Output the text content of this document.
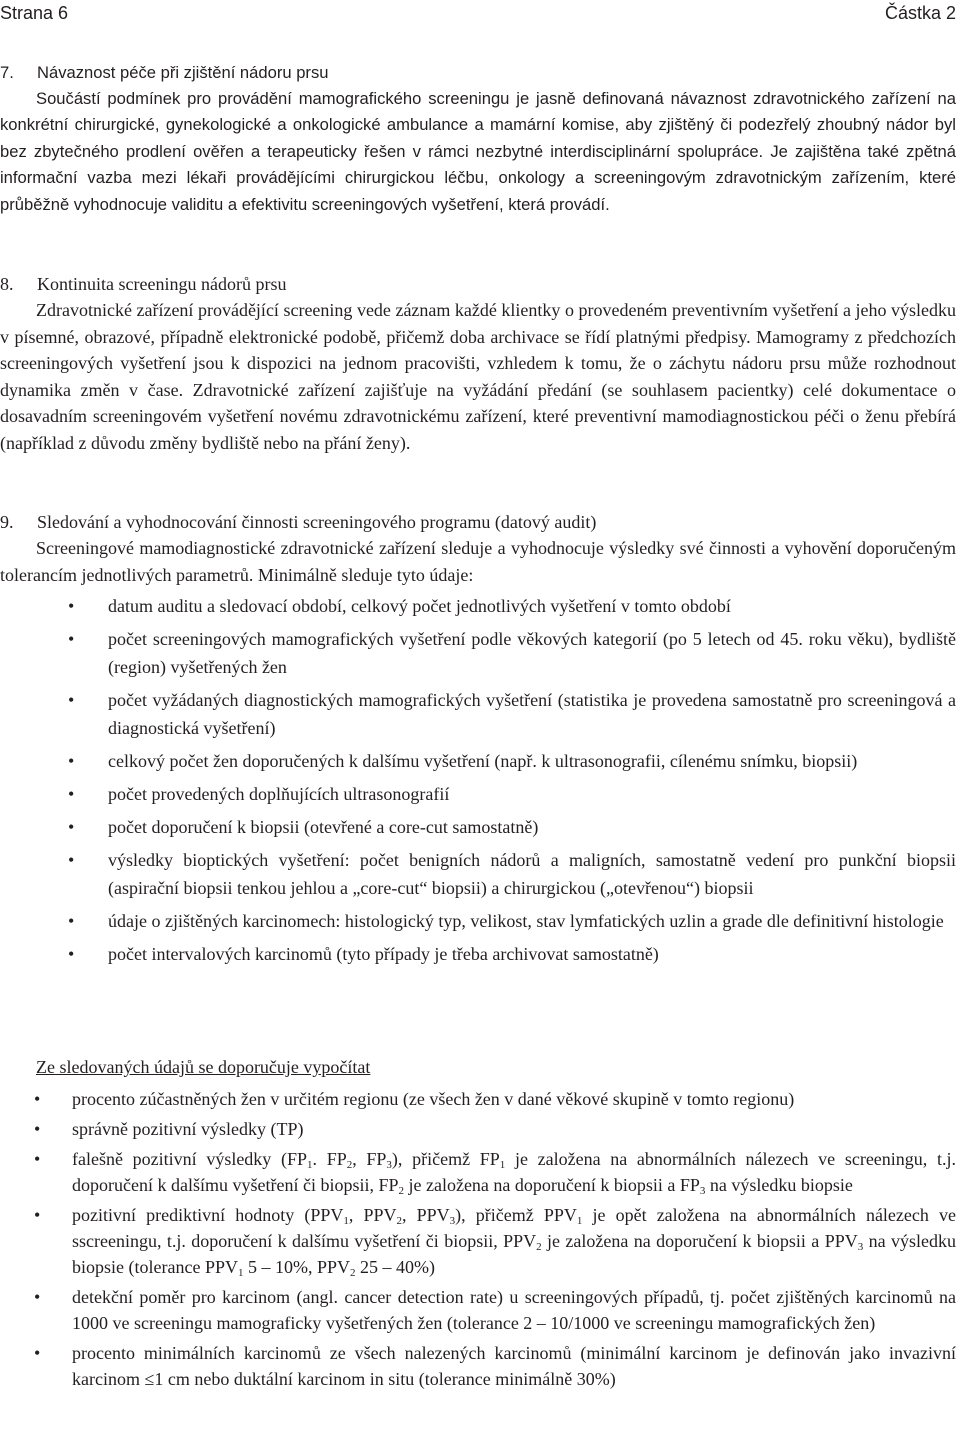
Strana 6	Částka 2
7. Návaznost péče při zjištění nádoru prsu

Součástí podmínek pro provádění mamografického screeningu je jasně definovaná návaznost zdravotnického zařízení na konkrétní chirurgické, gynekologické a onkologické ambulance a mamární komise, aby zjištěný či podezřelý zhoubný nádor byl bez zbytečného prodlení ověřen a terapeuticky řešen v rámci nezbytné interdisciplinární spolupráce. Je zajištěna také zpětná informační vazba mezi lékaři provádějícími chirurgickou léčbu, onkology a screeningovým zdravotnickým zařízením, které průběžně vyhodnocuje validitu a efektivitu screeningových vyšetření, která provádí.

8. Kontinuita screeningu nádorů prsu

Zdravotnické zařízení provádějící screening vede záznam každé klientky o provedeném preventivním vyšetření a jeho výsledku v písemné, obrazové, případně elektronické podobě, přičemž doba archivace se řídí platnými předpisy. Mamogramy z předchozích screeningových vyšetření jsou k dispozici na jednom pracovišti, vzhledem k tomu, že o záchytu nádoru prsu může rozhodnout dynamika změn v čase. Zdravotnické zařízení zajišťuje na vyžádání předání (se souhlasem pacientky) celé dokumentace o dosavadním screeningovém vyšetření novému zdravotnickému zařízení, které preventivní mamodiagnostickou péči o ženu přebírá (například z důvodu změny bydliště nebo na přání ženy).

9. Sledování a vyhodnocování činnosti screeningového programu (datový audit)

Screeningové mamodiagnostické zdravotnické zařízení sleduje a vyhodnocuje výsledky své činnosti a vyhovění doporučeným tolerancím jednotlivých parametrů. Minimálně sleduje tyto údaje:

• datum auditu a sledovací období, celkový počet jednotlivých vyšetření v tomto období
• počet screeningových mamografických vyšetření podle věkových kategorií (po 5 letech od 45. roku věku), bydliště (region) vyšetřených žen
• počet vyžádaných diagnostických mamografických vyšetření (statistika je provedena samostatně pro screeningová a diagnostická vyšetření)
• celkový počet žen doporučených k dalšímu vyšetření (např. k ultrasonografii, cílenému snímku, biopsii)
• počet provedených doplňujících ultrasonografií
• počet doporučení k biopsii (otevřené a core-cut samostatně)
• výsledky bioptických vyšetření: počet benigních nádorů a maligních, samostatně vedení pro punkční biopsii (aspirační biopsii tenkou jehlou a „core-cut“ biopsii) a chirurgickou („otevřenou“) biopsii
• údaje o zjištěných karcinomech: histologický typ, velikost, stav lymfatických uzlin a grade dle definitivní histologie
• počet intervalových karcinomů (tyto případy je třeba archivovat samostatně)
Ze sledovaných údajů se doporučuje vypočítat
• procento zúčastněných žen v určitém regionu (ze všech žen v dané věkové skupině v tomto regionu)
• správně pozitivní výsledky (TP)
• falešně pozitivní výsledky ($FP_1$. $FP_2$, $FP_3$), přičemž $FP_1$ je založena na abnormálních nálezech ve screeningu, t.j. doporučení k dalšímu vyšetření či biopsii, $FP_2$ je založena na doporučení k biopsii a $FP_3$ na výsledku biopsie
• pozitivní prediktivní hodnoty ($PPV_1$, $PPV_2$, $PPV_3$), přičemž $PPV_1$ je opět založena na abnormálních nálezech ve sscreeningu, t.j. doporučení k dalšímu vyšetření či biopsii, $PPV_2$ je založena na doporučení k biopsii a $PPV_3$ na výsledku biopsie (tolerance $PPV_1$ 5 – 10%, $PPV_2$ 25 – 40%)
• detekční poměr pro karcinom (angl. cancer detection rate) u screeningových případů, tj. počet zjištěných karcinomů na 1000 ve screeningu mamograficky vyšetřených žen (tolerance 2 – 10/1000 ve screeningu mamografických žen)
• procento minimálních karcinomů ze všech nalezených karcinomů (minimální karcinom je definován jako invazivní karcinom ≤1 cm nebo duktální karcinom in situ (tolerance minimálně 30%)
